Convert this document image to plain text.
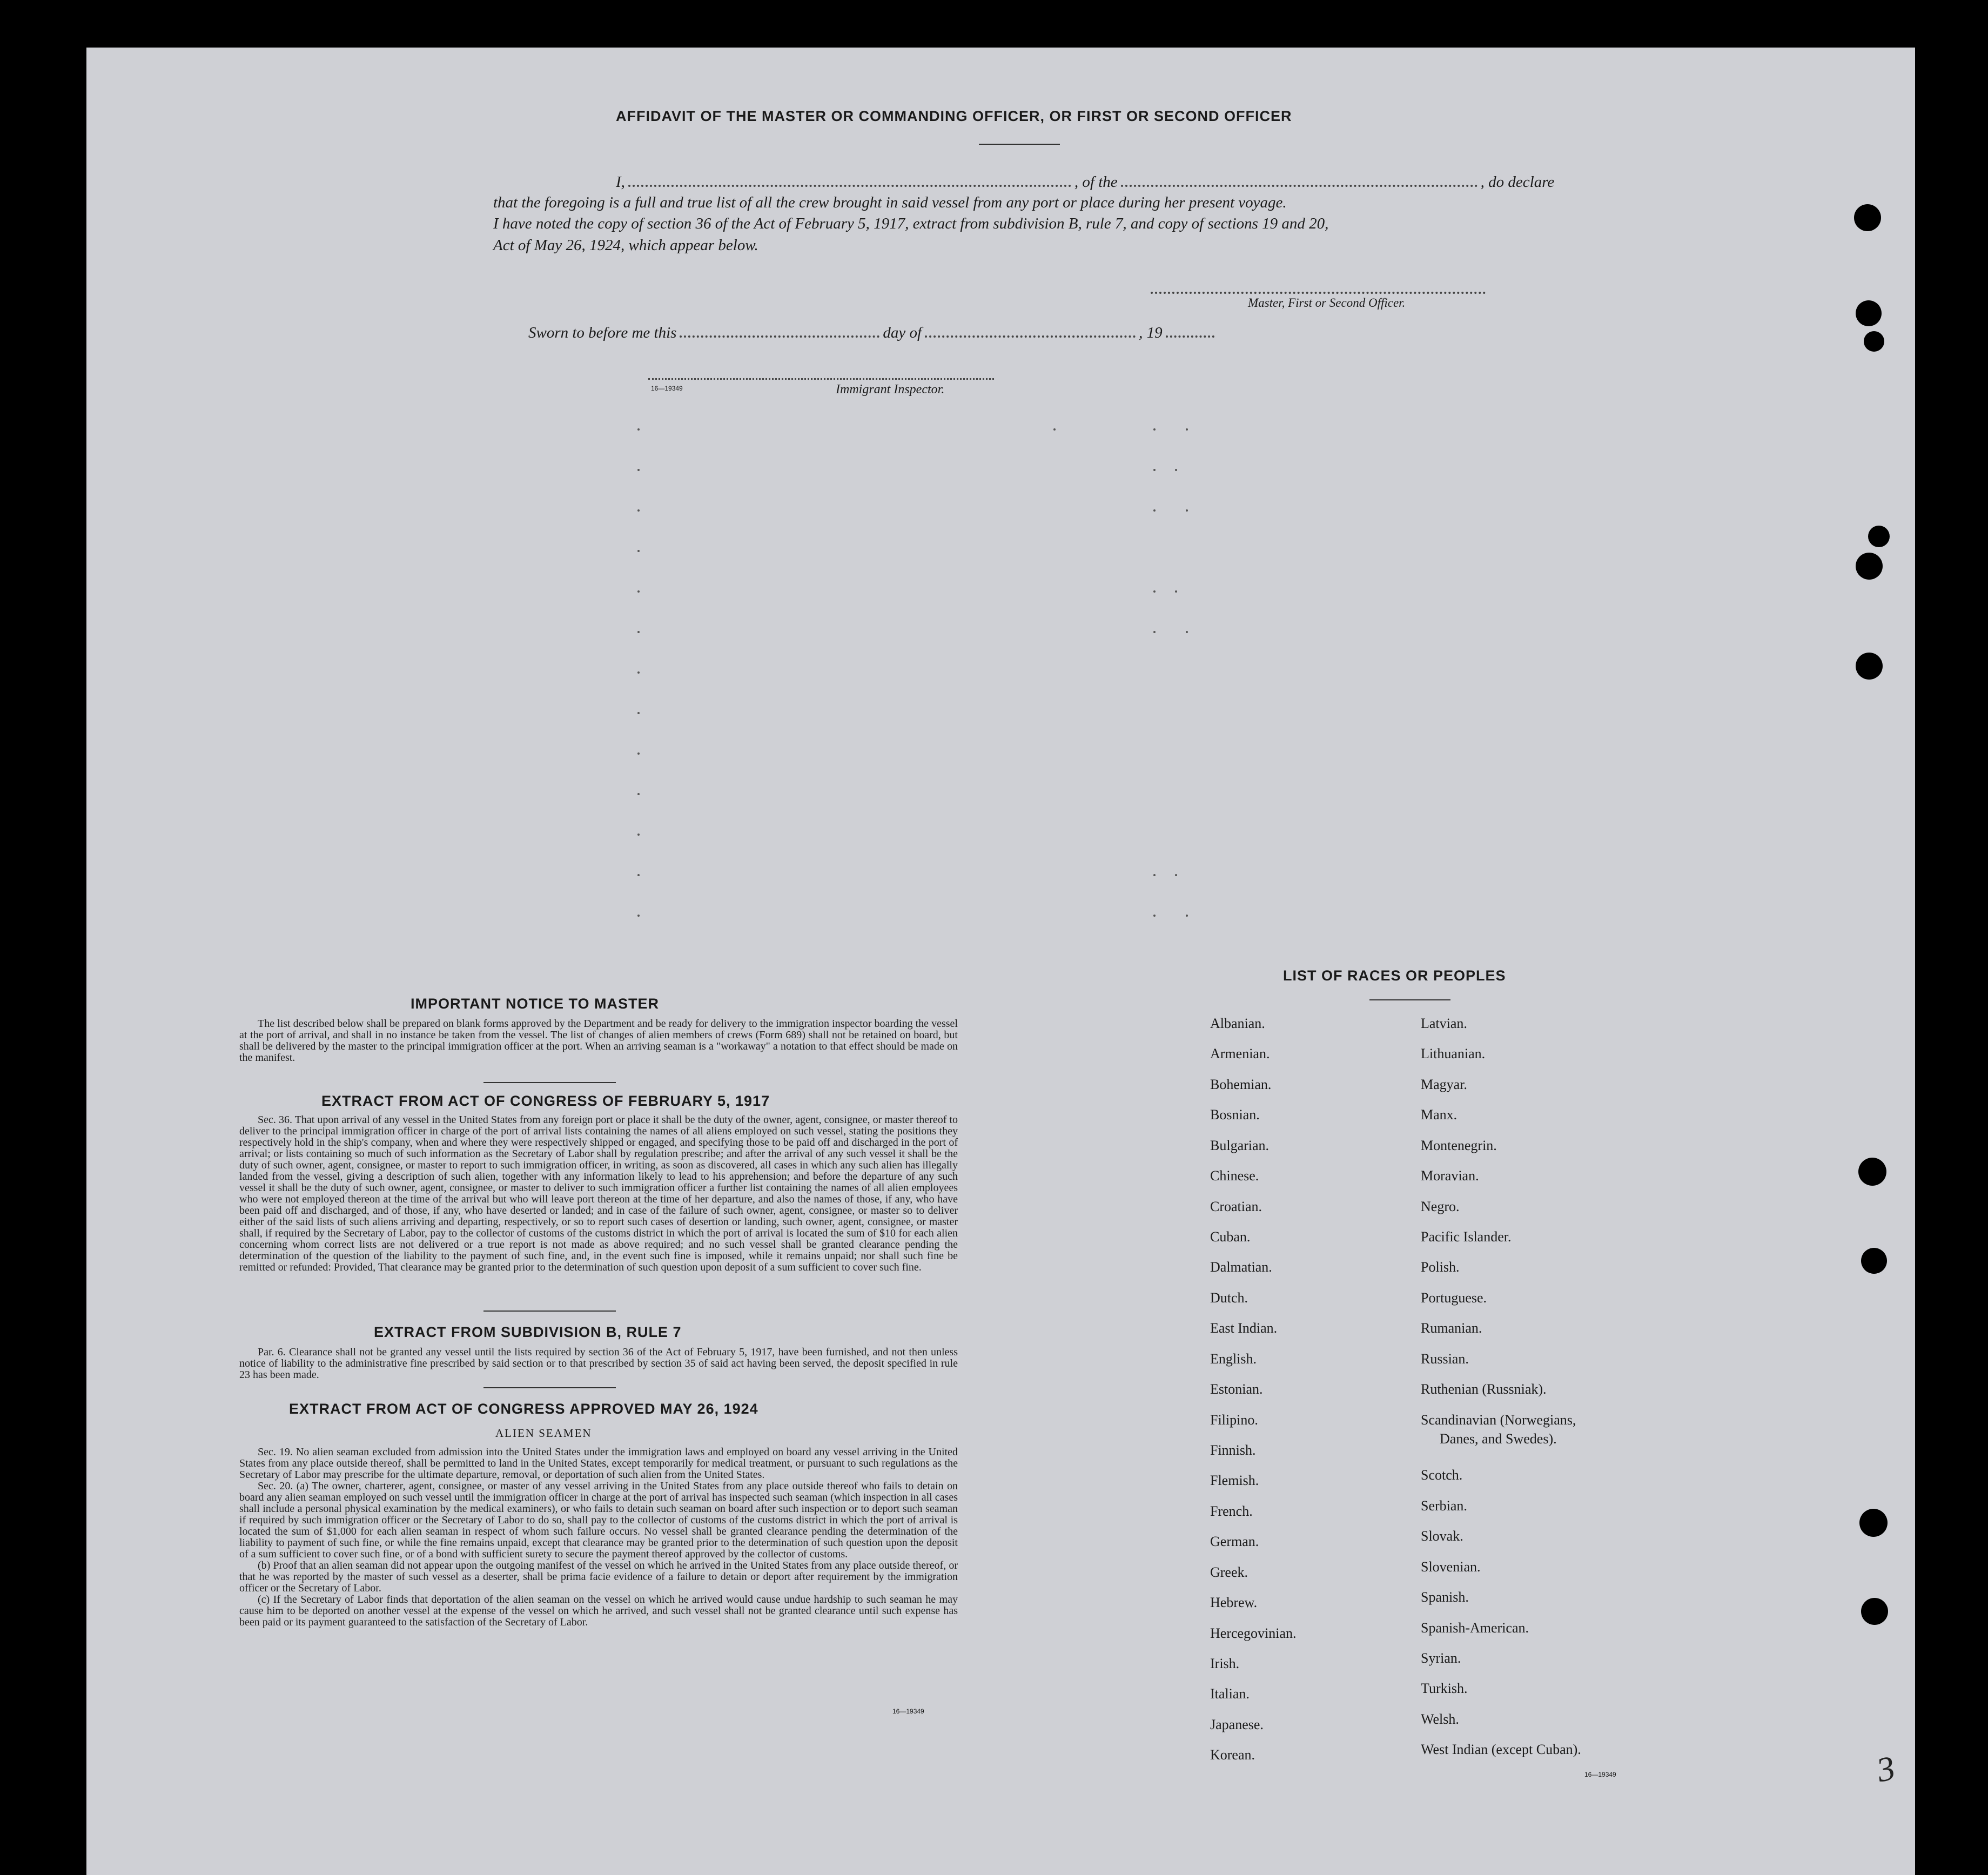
AFFIDAVIT OF THE MASTER OR COMMANDING OFFICER, OR FIRST OR SECOND OFFICER
I,	, of the	, do declare
that the foregoing is a full and true list of all the crew brought in said vessel from any port or place during her present voyage.
I have noted the copy of section 36 of the Act of February 5, 1917, extract from subdivision B, rule 7, and copy of sections 19 and 20,
Act of May 26, 1924, which appear below.
Master, First or Second Officer.
Sworn to before me this	day of	, 19
16—19349	Immigrant Inspector.
IMPORTANT NOTICE TO MASTER

The list described below shall be prepared on blank forms approved by the Department and be ready for delivery to the immigration inspector boarding the vessel at the port of arrival, and shall in no instance be taken from the vessel. The list of changes of alien members of crews (Form 689) shall not be retained on board, but shall be delivered by the master to the principal immigration officer at the port. When an arriving seaman is a "workaway" a notation to that effect should be made on the manifest.

EXTRACT FROM ACT OF CONGRESS OF FEBRUARY 5, 1917

Sec. 36. That upon arrival of any vessel in the United States from any foreign port or place it shall be the duty of the owner, agent, consignee, or master thereof to deliver to the principal immigration officer in charge of the port of arrival lists containing the names of all aliens employed on such vessel, stating the positions they respectively hold in the ship's company, when and where they were respectively shipped or engaged, and specifying those to be paid off and discharged in the port of arrival; or lists containing so much of such information as the Secretary of Labor shall by regulation prescribe; and after the arrival of any such vessel it shall be the duty of such owner, agent, consignee, or master to report to such immigration officer, in writing, as soon as discovered, all cases in which any such alien has illegally landed from the vessel, giving a description of such alien, together with any information likely to lead to his apprehension; and before the departure of any such vessel it shall be the duty of such owner, agent, consignee, or master to deliver to such immigration officer a further list containing the names of all alien employees who were not employed thereon at the time of the arrival but who will leave port thereon at the time of her departure, and also the names of those, if any, who have been paid off and discharged, and of those, if any, who have deserted or landed; and in case of the failure of such owner, agent, consignee, or master so to deliver either of the said lists of such aliens arriving and departing, respectively, or so to report such cases of desertion or landing, such owner, agent, consignee, or master shall, if required by the Secretary of Labor, pay to the collector of customs of the customs district in which the port of arrival is located the sum of $10 for each alien concerning whom correct lists are not delivered or a true report is not made as above required; and no such vessel shall be granted clearance pending the determination of the question of the liability to the payment of such fine, and, in the event such fine is imposed, while it remains unpaid; nor shall such fine be remitted or refunded: Provided, That clearance may be granted prior to the determination of such question upon deposit of a sum sufficient to cover such fine.

EXTRACT FROM SUBDIVISION B, RULE 7

Par. 6. Clearance shall not be granted any vessel until the lists required by section 36 of the Act of February 5, 1917, have been furnished, and not then unless notice of liability to the administrative fine prescribed by said section or to that prescribed by section 35 of said act having been served, the deposit specified in rule 23 has been made.

EXTRACT FROM ACT OF CONGRESS APPROVED MAY 26, 1924
ALIEN SEAMEN

Sec. 19. No alien seaman excluded from admission into the United States under the immigration laws and employed on board any vessel arriving in the United States from any place outside thereof, shall be permitted to land in the United States, except temporarily for medical treatment, or pursuant to such regulations as the Secretary of Labor may prescribe for the ultimate departure, removal, or deportation of such alien from the United States.

Sec. 20. (a) The owner, charterer, agent, consignee, or master of any vessel arriving in the United States from any place outside thereof who fails to detain on board any alien seaman employed on such vessel until the immigration officer in charge at the port of arrival has inspected such seaman (which inspection in all cases shall include a personal physical examination by the medical examiners), or who fails to detain such seaman on board after such inspection or to deport such seaman if required by such immigration officer or the Secretary of Labor to do so, shall pay to the collector of customs of the customs district in which the port of arrival is located the sum of $1,000 for each alien seaman in respect of whom such failure occurs. No vessel shall be granted clearance pending the determination of the liability to payment of such fine, or while the fine remains unpaid, except that clearance may be granted prior to the determination of such question upon the deposit of a sum sufficient to cover such fine, or of a bond with sufficient surety to secure the payment thereof approved by the collector of customs.

(b) Proof that an alien seaman did not appear upon the outgoing manifest of the vessel on which he arrived in the United States from any place outside thereof, or that he was reported by the master of such vessel as a deserter, shall be prima facie evidence of a failure to detain or deport after requirement by the immigration officer or the Secretary of Labor.

(c) If the Secretary of Labor finds that deportation of the alien seaman on the vessel on which he arrived would cause undue hardship to such seaman he may cause him to be deported on another vessel at the expense of the vessel on which he arrived, and such vessel shall not be granted clearance until such expense has been paid or its payment guaranteed to the satisfaction of the Secretary of Labor.

16—19349
LIST OF RACES OR PEOPLES
Albanian.
Armenian.
Bohemian.
Bosnian.
Bulgarian.
Chinese.
Croatian.
Cuban.
Dalmatian.
Dutch.
East Indian.
English.
Estonian.
Filipino.
Finnish.
Flemish.
French.
German.
Greek.
Hebrew.
Hercegovinian.
Irish.
Italian.
Japanese.
Korean.
Latvian.
Lithuanian.
Magyar.
Manx.
Montenegrin.
Moravian.
Negro.
Pacific Islander.
Polish.
Portuguese.
Rumanian.
Russian.
Ruthenian (Russniak).
Scandinavian (Norwegians,
Danes, and Swedes).
Scotch.
Serbian.
Slovak.
Slovenian.
Spanish.
Spanish-American.
Syrian.
Turkish.
Welsh.
West Indian (except Cuban).
16—19349	3
